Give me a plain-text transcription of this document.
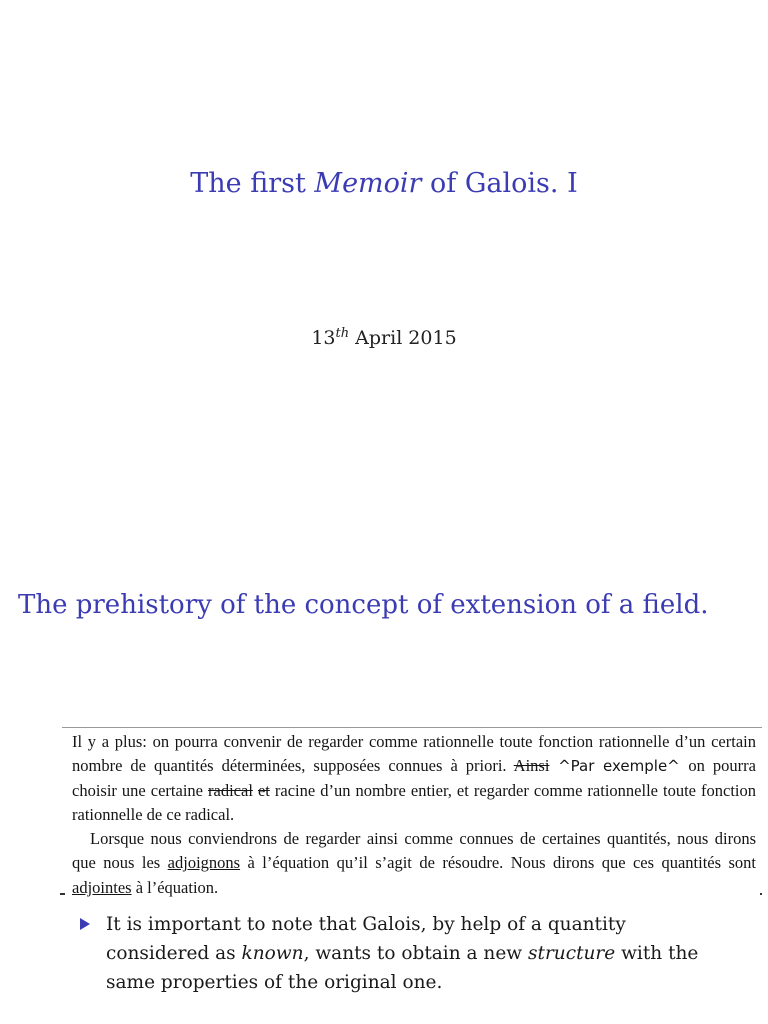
The first Memoir of Galois. I
13th April 2015
The prehistory of the concept of extension of a field.

Il y a plus: on pourra convenir de regarder comme rationnelle toute fonction rationnelle d’un certain nombre de quantités déterminées, supposées connues à priori. Ainsi ^Par exemple^ on pourra choisir une certaine radical et racine d’un nombre entier, et regarder comme rationnelle toute fonction rationnelle de ce radical.

Lorsque nous conviendrons de regarder ainsi comme connues de certaines quantités, nous dirons que nous les adjoignons à l’équation qu’il s’agit de résoudre. Nous dirons que ces quantités sont adjointes à l’équation.

It is important to note that Galois, by help of a quantity considered as known, wants to obtain a new structure with the same properties of the original one.
